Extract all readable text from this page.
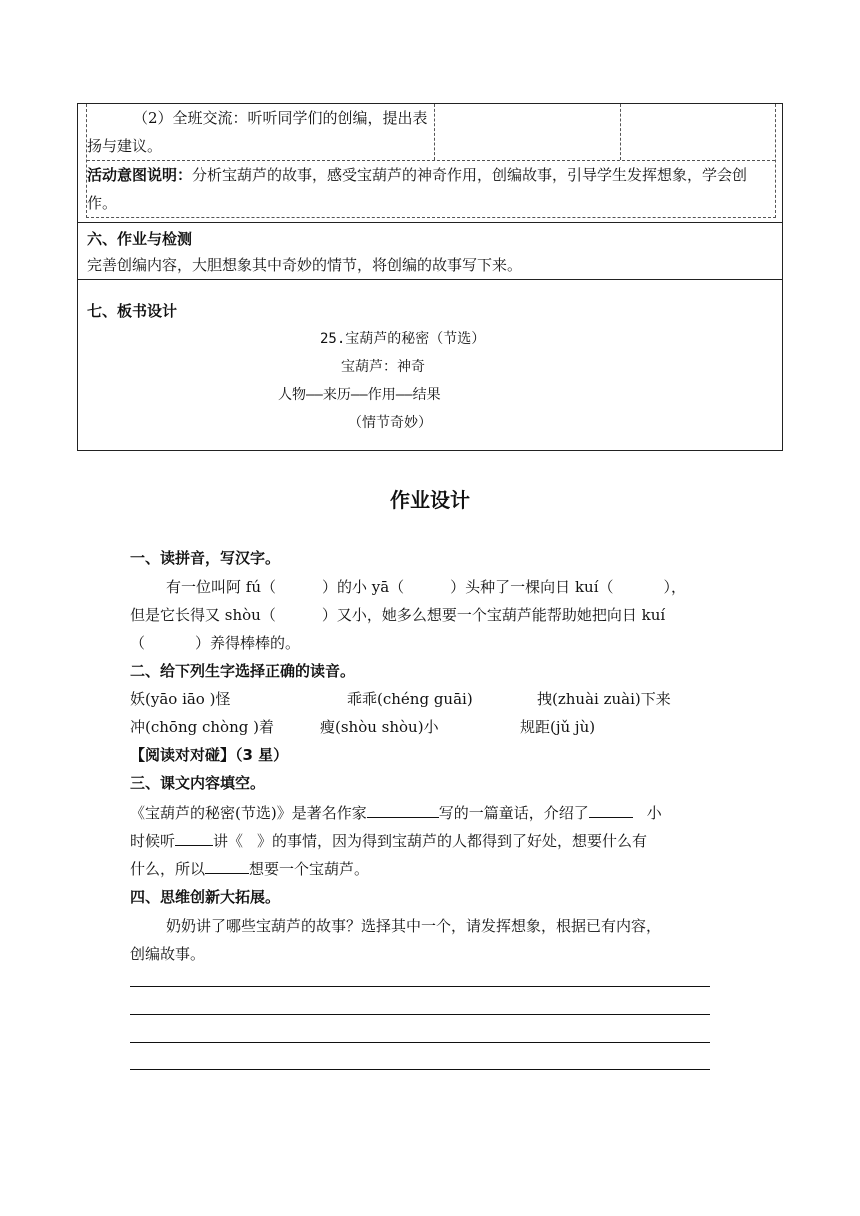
（2）全班交流：听听同学们的创编，提出表扬与建议。
活动意图说明：分析宝葫芦的故事，感受宝葫芦的神奇作用，创编故事，引导学生发挥想象，学会创作。
六、作业与检测
完善创编内容，大胆想象其中奇妙的情节，将创编的故事写下来。
七、板书设计
25.宝葫芦的秘密（节选）
宝葫芦：神奇
人物——来历——作用——结果
（情节奇妙）
作业设计
一、读拼音，写汉字。
有一位叫阿 fú（	）的小 yā（	）头种了一棵向日 kuí（	），
但是它长得又 shòu（	）又小，她多么想要一个宝葫芦能帮助她把向日 kuí
（	）养得棒棒的。
二、给下列生字选择正确的读音。
妖(yāo iāo )怪	乖乖(chéng guāi)	拽(zhuài zuài)下来
冲(chōng chòng )着	瘦(shòu shòu)小	规距(jǔ jù)
【阅读对对碰】（3 星）
三、课文内容填空。
《宝葫芦的秘密(节选)》是著名作家	写的一篇童话，介绍了	小
时候听	讲《 》的事情，因为得到宝葫芦的人都得到了好处，想要什么有
什么，所以	想要一个宝葫芦。
四、思维创新大拓展。
奶奶讲了哪些宝葫芦的故事？选择其中一个，请发挥想象，根据已有内容，
创编故事。
